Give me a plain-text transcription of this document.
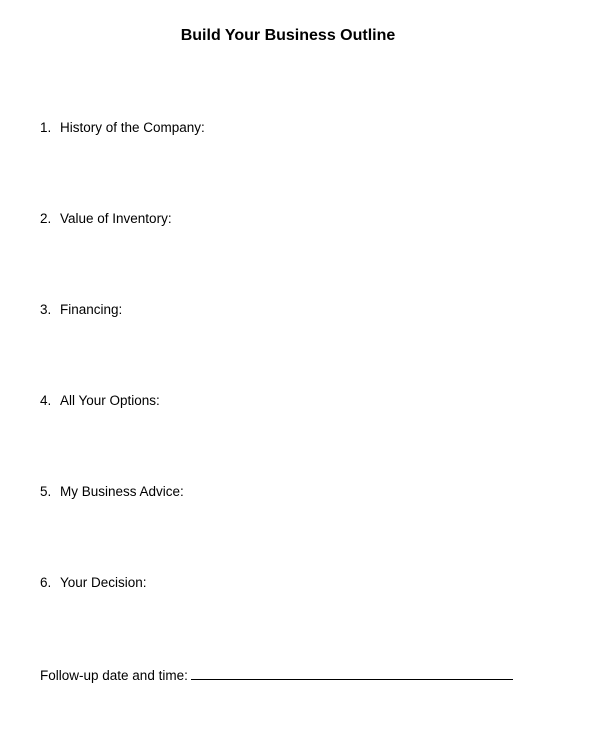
Build Your Business Outline
1. History of the Company:
2. Value of Inventory:
3. Financing:
4. All Your Options:
5. My Business Advice:
6. Your Decision:
Follow-up date and time:
